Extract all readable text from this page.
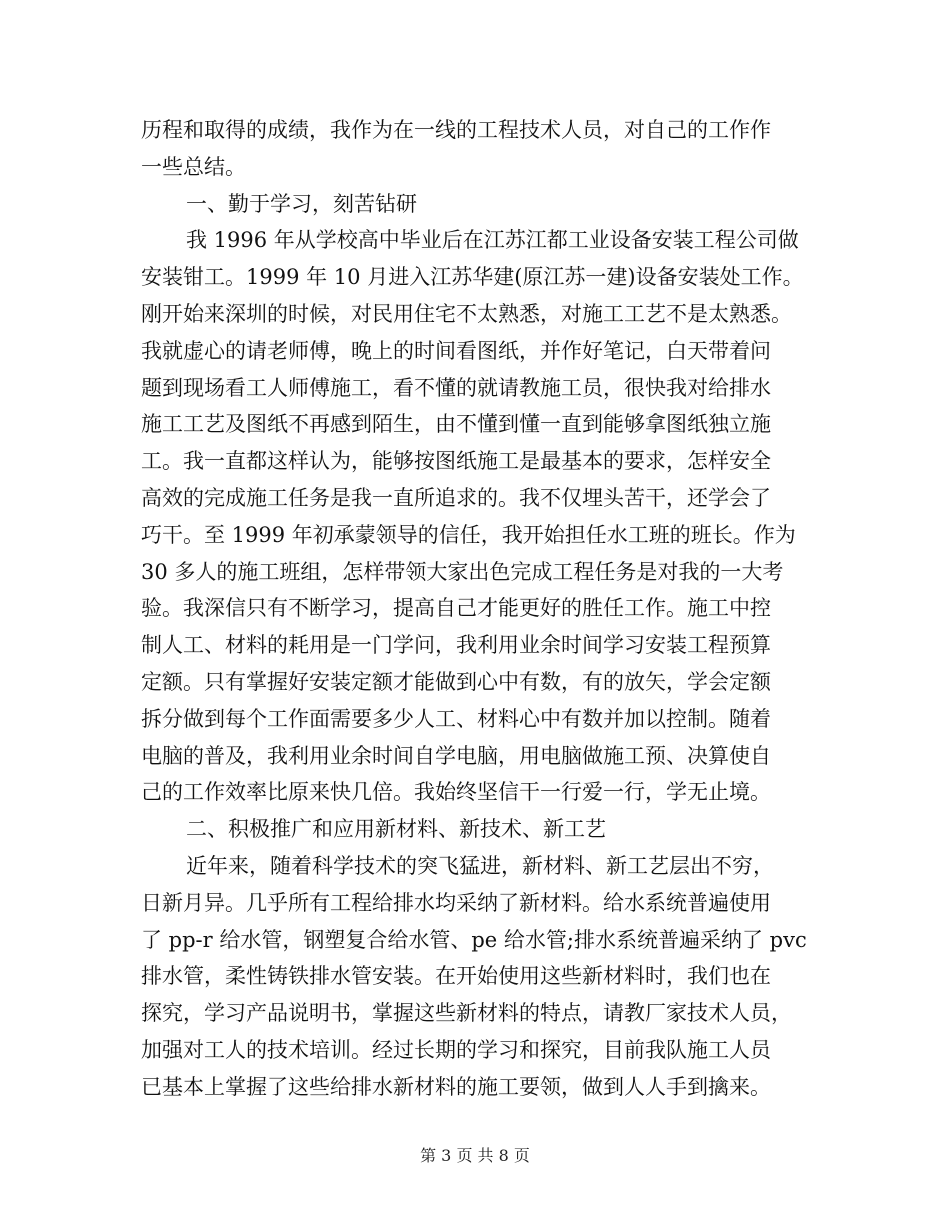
历程和取得的成绩，我作为在一线的工程技术人员，对自己的工作作
一些总结。
一、勤于学习，刻苦钻研
我 1996 年从学校高中毕业后在江苏江都工业设备安装工程公司做
安装钳工。1999 年 10 月进入江苏华建(原江苏一建)设备安装处工作。
刚开始来深圳的时候，对民用住宅不太熟悉，对施工工艺不是太熟悉。
我就虚心的请老师傅，晚上的时间看图纸，并作好笔记，白天带着问
题到现场看工人师傅施工，看不懂的就请教施工员，很快我对给排水
施工工艺及图纸不再感到陌生，由不懂到懂一直到能够拿图纸独立施
工。我一直都这样认为，能够按图纸施工是最基本的要求，怎样安全
高效的完成施工任务是我一直所追求的。我不仅埋头苦干，还学会了
巧干。至 1999 年初承蒙领导的信任，我开始担任水工班的班长。作为
30 多人的施工班组，怎样带领大家出色完成工程任务是对我的一大考
验。我深信只有不断学习，提高自己才能更好的胜任工作。施工中控
制人工、材料的耗用是一门学问，我利用业余时间学习安装工程预算
定额。只有掌握好安装定额才能做到心中有数，有的放矢，学会定额
拆分做到每个工作面需要多少人工、材料心中有数并加以控制。随着
电脑的普及，我利用业余时间自学电脑，用电脑做施工预、决算使自
己的工作效率比原来快几倍。我始终坚信干一行爱一行，学无止境。
二、积极推广和应用新材料、新技术、新工艺
近年来，随着科学技术的突飞猛进，新材料、新工艺层出不穷，
日新月异。几乎所有工程给排水均采纳了新材料。给水系统普遍使用
了 pp-r 给水管，钢塑复合给水管、pe 给水管;排水系统普遍采纳了 pvc
排水管，柔性铸铁排水管安装。在开始使用这些新材料时，我们也在
探究，学习产品说明书，掌握这些新材料的特点，请教厂家技术人员，
加强对工人的技术培训。经过长期的学习和探究，目前我队施工人员
已基本上掌握了这些给排水新材料的施工要领，做到人人手到擒来。
第 3 页 共 8 页
